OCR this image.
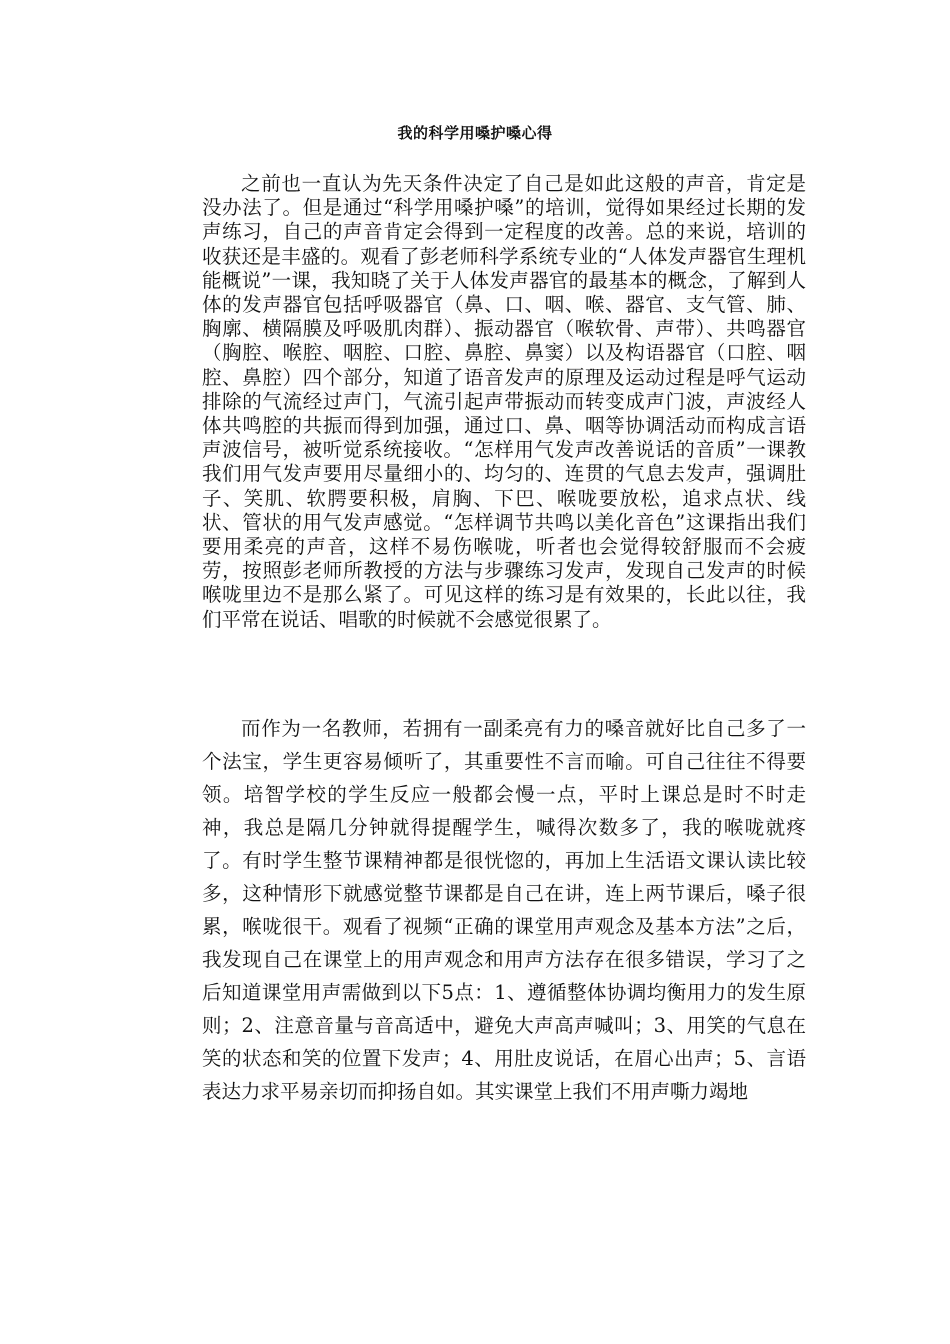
我的科学用嗓护嗓心得

之前也一直认为先天条件决定了自己是如此这般的声音，肯定是没办法了。但是通过“科学用嗓护嗓”的培训，觉得如果经过长期的发声练习，自己的声音肯定会得到一定程度的改善。总的来说，培训的收获还是丰盛的。观看了彭老师科学系统专业的“人体发声器官生理机能概说”一课，我知晓了关于人体发声器官的最基本的概念，了解到人体的发声器官包括呼吸器官（鼻、口、咽、喉、器官、支气管、肺、胸廓、横隔膜及呼吸肌肉群）、振动器官（喉软骨、声带）、共鸣器官（胸腔、喉腔、咽腔、口腔、鼻腔、鼻窦）以及构语器官（口腔、咽腔、鼻腔）四个部分，知道了语音发声的原理及运动过程是呼气运动排除的气流经过声门，气流引起声带振动而转变成声门波，声波经人体共鸣腔的共振而得到加强，通过口、鼻、咽等协调活动而构成言语声波信号，被听觉系统接收。“怎样用气发声改善说话的音质”一课教我们用气发声要用尽量细小的、均匀的、连贯的气息去发声，强调肚子、笑肌、软腭要积极，肩胸、下巴、喉咙要放松，追求点状、线状、管状的用气发声感觉。“怎样调节共鸣以美化音色”这课指出我们要用柔亮的声音，这样不易伤喉咙，听者也会觉得较舒服而不会疲劳，按照彭老师所教授的方法与步骤练习发声，发现自己发声的时候喉咙里边不是那么紧了。可见这样的练习是有效果的，长此以往，我们平常在说话、唱歌的时候就不会感觉很累了。

而作为一名教师，若拥有一副柔亮有力的嗓音就好比自己多了一个法宝，学生更容易倾听了，其重要性不言而喻。可自己往往不得要领。培智学校的学生反应一般都会慢一点，平时上课总是时不时走神，我总是隔几分钟就得提醒学生，喊得次数多了，我的喉咙就疼了。有时学生整节课精神都是很恍惚的，再加上生活语文课认读比较多，这种情形下就感觉整节课都是自己在讲，连上两节课后，嗓子很累，喉咙很干。观看了视频“正确的课堂用声观念及基本方法”之后，我发现自己在课堂上的用声观念和用声方法存在很多错误，学习了之后知道课堂用声需做到以下5点：1、遵循整体协调均衡用力的发生原则；2、注意音量与音高适中，避免大声高声喊叫；3、用笑的气息在笑的状态和笑的位置下发声；4、用肚皮说话，在眉心出声；5、言语表达力求平易亲切而抑扬自如。其实课堂上我们不用声嘶力竭地
